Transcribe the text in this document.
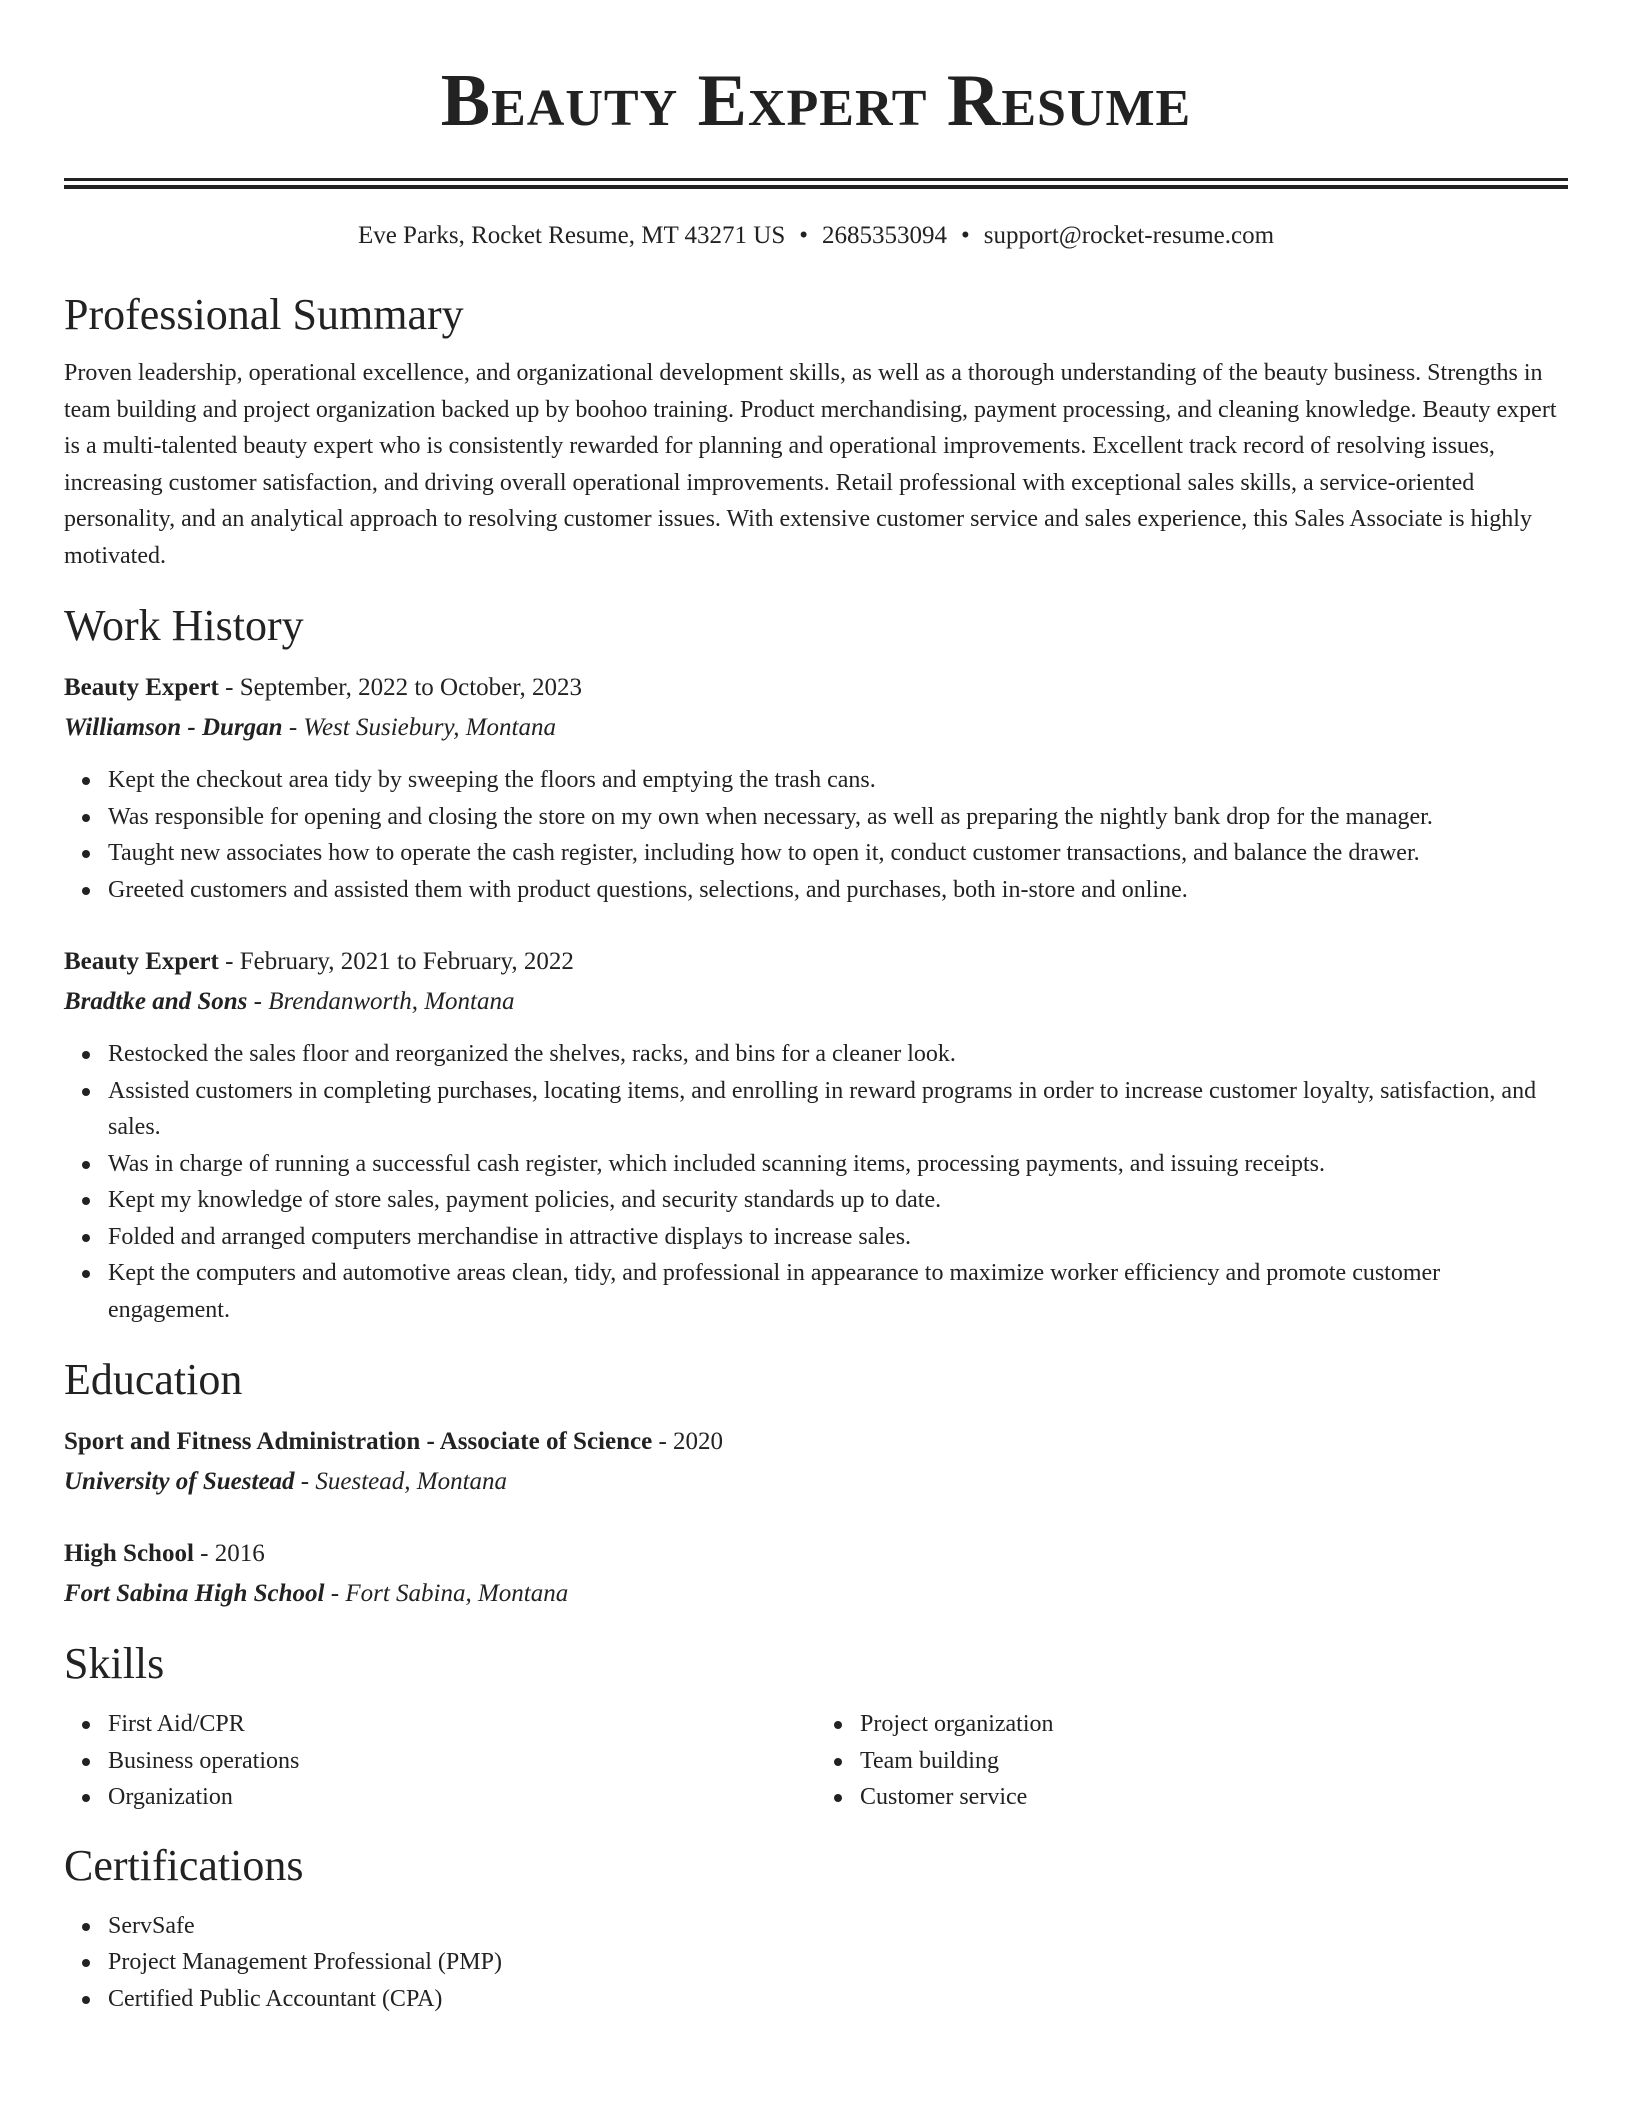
Beauty Expert Resume
Eve Parks, Rocket Resume, MT 43271 US • 2685353094 • support@rocket-resume.com
Professional Summary

Proven leadership, operational excellence, and organizational development skills, as well as a thorough understanding of the beauty business. Strengths in team building and project organization backed up by boohoo training. Product merchandising, payment processing, and cleaning knowledge. Beauty expert is a multi-talented beauty expert who is consistently rewarded for planning and operational improvements. Excellent track record of resolving issues, increasing customer satisfaction, and driving overall operational improvements. Retail professional with exceptional sales skills, a service-oriented personality, and an analytical approach to resolving customer issues. With extensive customer service and sales experience, this Sales Associate is highly motivated.

Work History
Beauty Expert - September, 2022 to October, 2023
Williamson - Durgan - West Susiebury, Montana
Kept the checkout area tidy by sweeping the floors and emptying the trash cans.
Was responsible for opening and closing the store on my own when necessary, as well as preparing the nightly bank drop for the manager.
Taught new associates how to operate the cash register, including how to open it, conduct customer transactions, and balance the drawer.
Greeted customers and assisted them with product questions, selections, and purchases, both in-store and online.
Beauty Expert - February, 2021 to February, 2022
Bradtke and Sons - Brendanworth, Montana
Restocked the sales floor and reorganized the shelves, racks, and bins for a cleaner look.
Assisted customers in completing purchases, locating items, and enrolling in reward programs in order to increase customer loyalty, satisfaction, and sales.
Was in charge of running a successful cash register, which included scanning items, processing payments, and issuing receipts.
Kept my knowledge of store sales, payment policies, and security standards up to date.
Folded and arranged computers merchandise in attractive displays to increase sales.
Kept the computers and automotive areas clean, tidy, and professional in appearance to maximize worker efficiency and promote customer engagement.
Education
Sport and Fitness Administration - Associate of Science - 2020
University of Suestead - Suestead, Montana
High School - 2016
Fort Sabina High School - Fort Sabina, Montana
Skills
First Aid/CPR
Business operations
Organization
Project organization
Team building
Customer service
Certifications
ServSafe
Project Management Professional (PMP)
Certified Public Accountant (CPA)
